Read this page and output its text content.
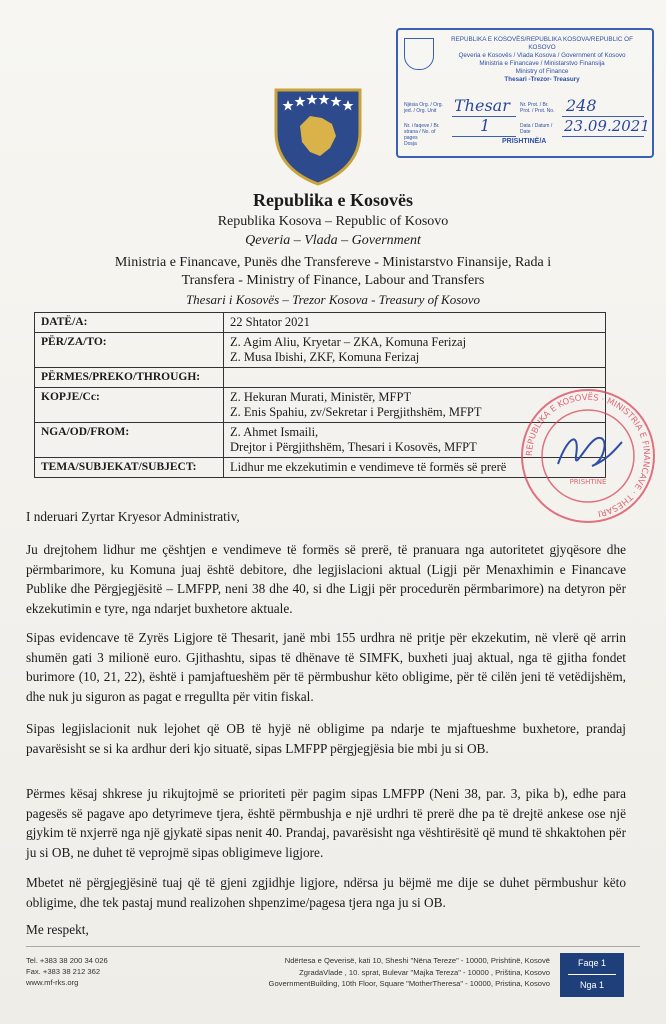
REPUBLIKA E KOSOVËS/REPUBLIKA KOSOVA/REPUBLIC OF KOSOVO
Qeveria e Kosovës / Vlada Kosova / Government of Kosovo
Ministria e Financave / Ministarstvo Finansija
Ministry of Finance
Thesari -Trezor- Treasury
Njësia Org. / Org. jed. / Org. Unit	Thesar Nr. Prot. / Br. Prot. / Prot. No. 248
Nr. i faqeve / Br. strana / No. of pages
1	Data / Datum / Date	23.09.2021
Dosja	PRISHTINË/A
Republika e Kosovës
Republika Kosova – Republic of Kosovo
Qeveria – Vlada – Government
Ministria e Financave, Punës dhe Transfereve - Ministarstvo Finansije, Rada i
Transfera - Ministry of Finance, Labour and Transfers
Thesari i Kosovës – Trezor Kosova - Treasury of Kosovo
DATË/A:	22 Shtator 2021
PËR/ZA/TO:	Z. Agim Aliu, Kryetar – ZKA, Komuna Ferizaj
Z. Musa Ibishi, ZKF, Komuna Ferizaj
PËRMES/PREKO/THROUGH:	
KOPJE/Cc:	Z. Hekuran Murati, Ministër, MFPT
Z. Enis Spahiu, zv/Sekretar i Pergjithshëm, MFPT
NGA/OD/FROM:	Z. Ahmet Ismaili,
Drejtor i Përgjithshëm, Thesari i Kosovës, MFPT
TEMA/SUBJEKAT/SUBJECT:	Lidhur me ekzekutimin e vendimeve të formës së prerë
REPUBLIKA E KOSOVËS · MINISTRIA E FINANCAVE · THESARI
PRISHTINË
I nderuari Zyrtar Kryesor Administrativ,
Ju drejtohem lidhur me çështjen e vendimeve të formës së prerë, të pranuara nga autoritetet gjyqësore dhe përmbarimore, ku Komuna juaj është debitore, dhe legjislacioni aktual (Ligji për Menaxhimin e Financave Publike dhe Përgjegjësitë – LMFPP, neni 38 dhe 40, si dhe Ligji për procedurën përmbarimore) na detyron për ekzekutimin e tyre, nga ndarjet buxhetore aktuale.
Sipas evidencave të Zyrës Ligjore të Thesarit, janë mbi 155 urdhra në pritje për ekzekutim, në vlerë që arrin shumën gati 3 milionë euro. Gjithashtu, sipas të dhënave të SIMFK, buxheti juaj aktual, nga të gjitha fondet burimore (10, 21, 22), është i pamjaftueshëm për të përmbushur këto obligime, për të cilën jeni të vetëdijshëm, dhe nuk ju siguron as pagat e rregullta për vitin fiskal.
Sipas legjislacionit nuk lejohet që OB të hyjë në obligime pa ndarje te mjaftueshme buxhetore, prandaj pavarësisht se si ka ardhur deri kjo situatë, sipas LMFPP përgjegjësia bie mbi ju si OB.
Përmes kësaj shkrese ju rikujtojmë se prioriteti për pagim sipas LMFPP (Neni 38, par. 3, pika b), edhe para pagesës së pagave apo detyrimeve tjera, është përmbushja e një urdhri të prerë dhe pa të drejtë ankese ose një gjykim të nxjerrë nga një gjykatë sipas nenit 40. Prandaj, pavarësisht nga vështirësitë që mund të shkaktohen për ju si OB, ne duhet të veprojmë sipas obligimeve ligjore.
Mbetet në përgjegjësinë tuaj që të gjeni zgjidhje ligjore, ndërsa ju bëjmë me dije se duhet përmbushur këto obligime, dhe tek pastaj mund realizohen shpenzime/pagesa tjera nga ju si OB.
Me respekt,
Tel. +383 38 200 34 026
Fax. +383 38 212 362
www.mf-rks.org
Ndërtesa e Qeverisë, kati 10, Sheshi "Nëna Tereze" - 10000, Prishtinë, Kosovë
ZgradaVlade , 10. sprat, Bulevar "Majka Tereza" - 10000 , Priština, Kosovo
GovernmentBuilding, 10th Floor, Square "MotherTheresa" - 10000, Pristina, Kosovo
Faqe 1
Nga 1
